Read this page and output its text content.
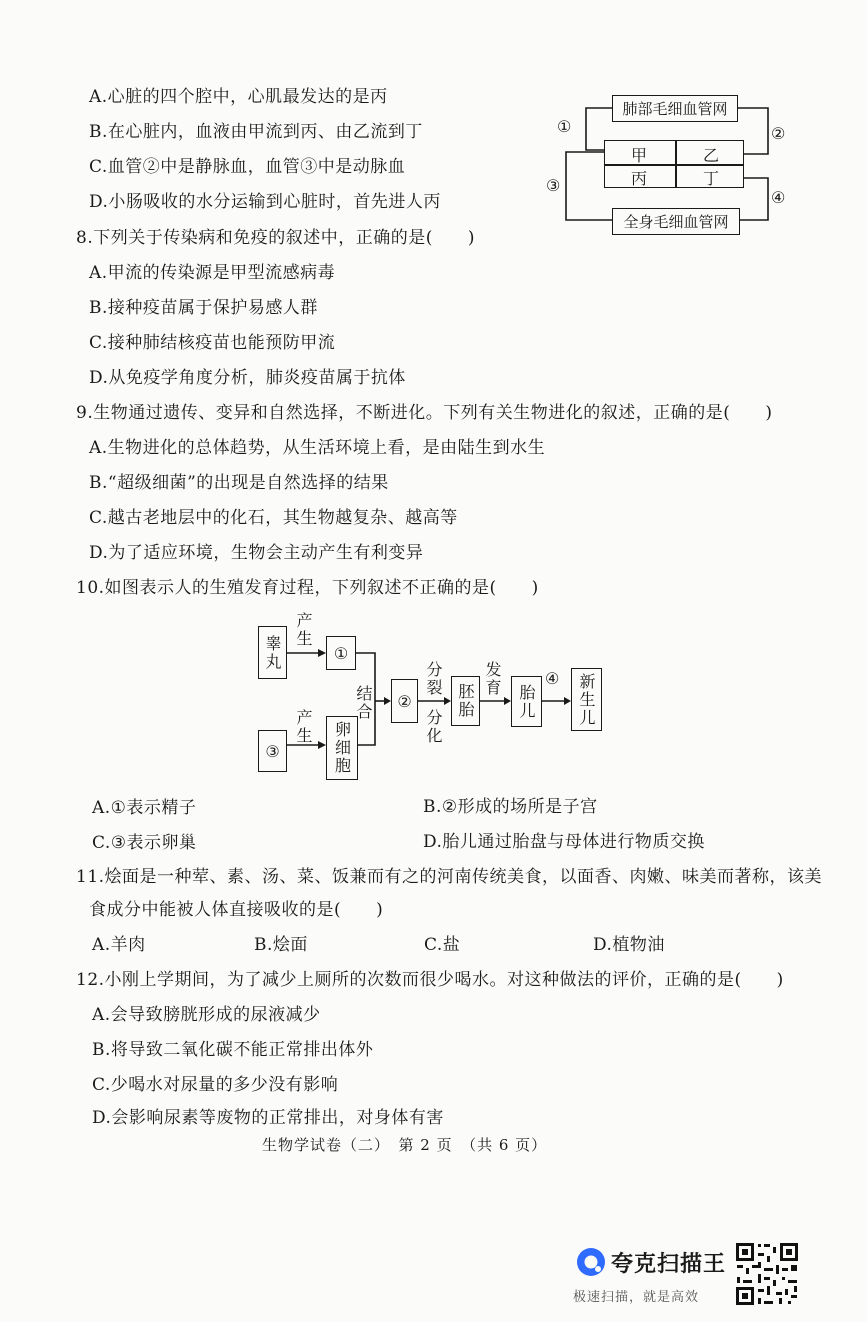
A.心脏的四个腔中，心肌最发达的是丙
B.在心脏内，血液由甲流到丙、由乙流到丁
C.血管②中是静脉血，血管③中是动脉血
D.小肠吸收的水分运输到心脏时，首先进人丙
肺部毛细血管网
甲	乙
丙	丁
全身毛细血管网
①	②
③
④
8.下列关于传染病和免疫的叙述中，正确的是(　　)
A.甲流的传染源是甲型流感病毒
B.接种疫苗属于保护易感人群
C.接种肺结核疫苗也能预防甲流
D.从免疫学角度分析，肺炎疫苗属于抗体
9.生物通过遗传、变异和自然选择，不断进化。下列有关生物进化的叙述，正确的是(　　)
A.生物进化的总体趋势，从生活环境上看，是由陆生到水生
B.“超级细菌”的出现是自然选择的结果
C.越古老地层中的化石，其生物越复杂、越高等
D.为了适应环境，生物会主动产生有利变异
10.如图表示人的生殖发育过程，下列叙述不正确的是(　　)
睾丸
产生
①
③
产生	卵细胞
结合	②
分裂
分化
胚胎
发育
胎儿
④	新生儿
A.①表示精子	B.②形成的场所是子宫
C.③表示卵巢	D.胎儿通过胎盘与母体进行物质交换
11.烩面是一种荤、素、汤、菜、饭兼而有之的河南传统美食，以面香、肉嫩、味美而著称，该美
食成分中能被人体直接吸收的是(　　)
A.羊肉	B.烩面	C.盐	D.植物油
12.小刚上学期间，为了减少上厕所的次数而很少喝水。对这种做法的评价，正确的是(　　)
A.会导致膀胱形成的尿液减少
B.将导致二氧化碳不能正常排出体外
C.少喝水对尿量的多少没有影响
D.会影响尿素等废物的正常排出，对身体有害
生物学试卷（二）　第 2 页　（共 6 页）
夸克扫描王
极速扫描，就是高效
